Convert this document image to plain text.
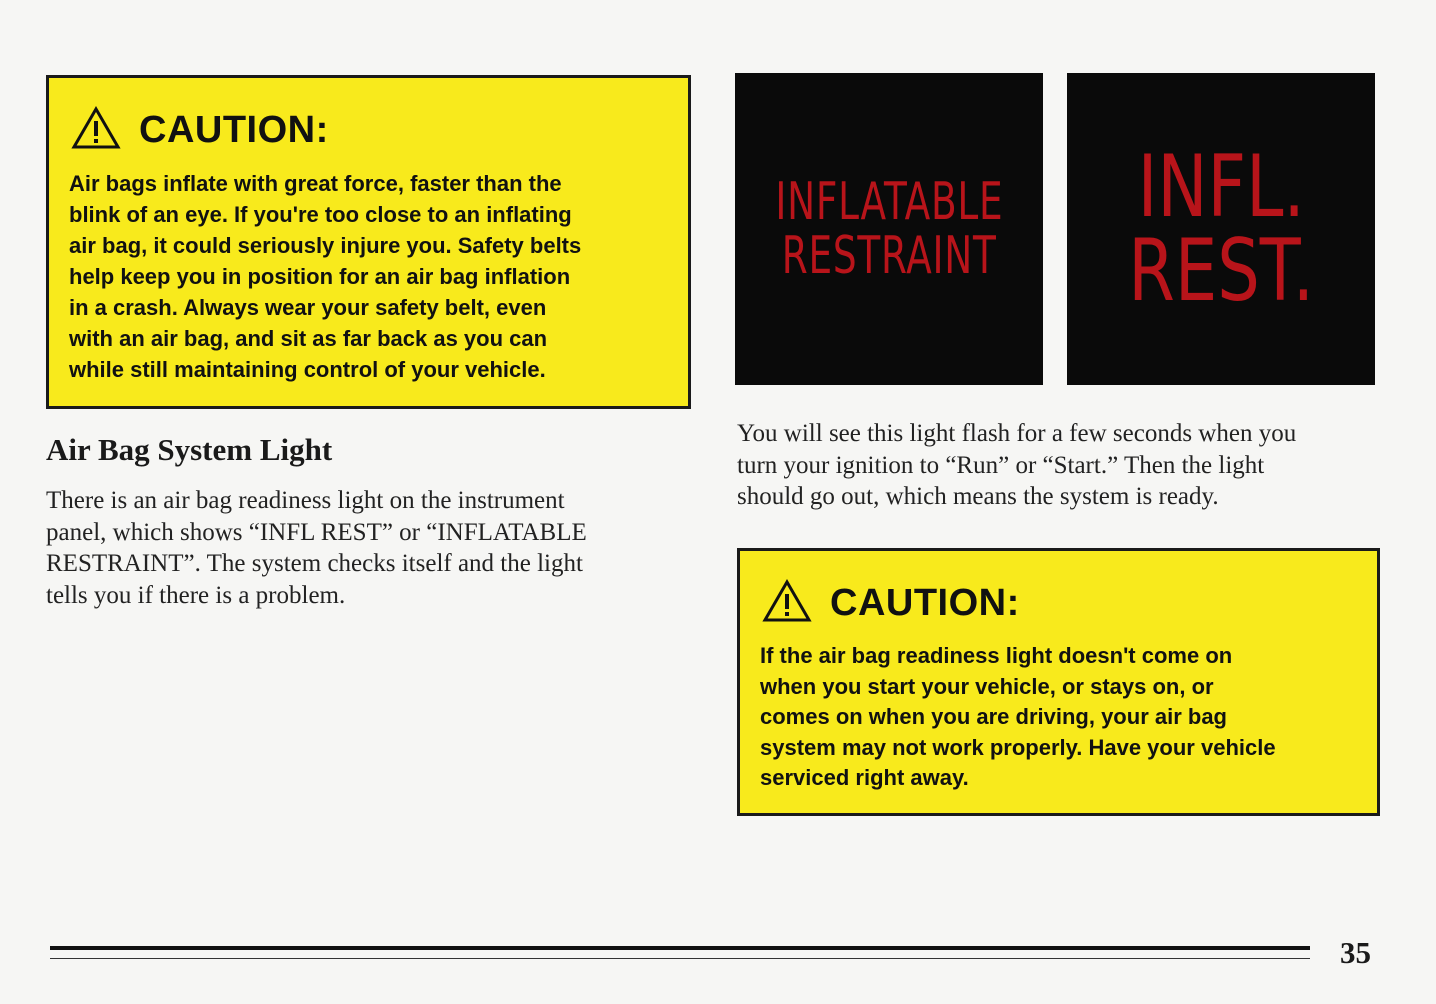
CAUTION:
Air bags inflate with great force, faster than the
blink of an eye. If you're too close to an inflating
air bag, it could seriously injure you. Safety belts
help keep you in position for an air bag inflation
in a crash. Always wear your safety belt, even
with an air bag, and sit as far back as you can
while still maintaining control of your vehicle.
Air Bag System Light
There is an air bag readiness light on the instrument
panel, which shows “INFL REST” or “INFLATABLE
RESTRAINT”. The system checks itself and the light
tells you if there is a problem.
INFLATABLE
RESTRAINT
INFL.
REST.
You will see this light flash for a few seconds when you
turn your ignition to “Run” or “Start.” Then the light
should go out, which means the system is ready.
CAUTION:
If the air bag readiness light doesn't come on
when you start your vehicle, or stays on, or
comes on when you are driving, your air bag
system may not work properly. Have your vehicle
serviced right away.
35
